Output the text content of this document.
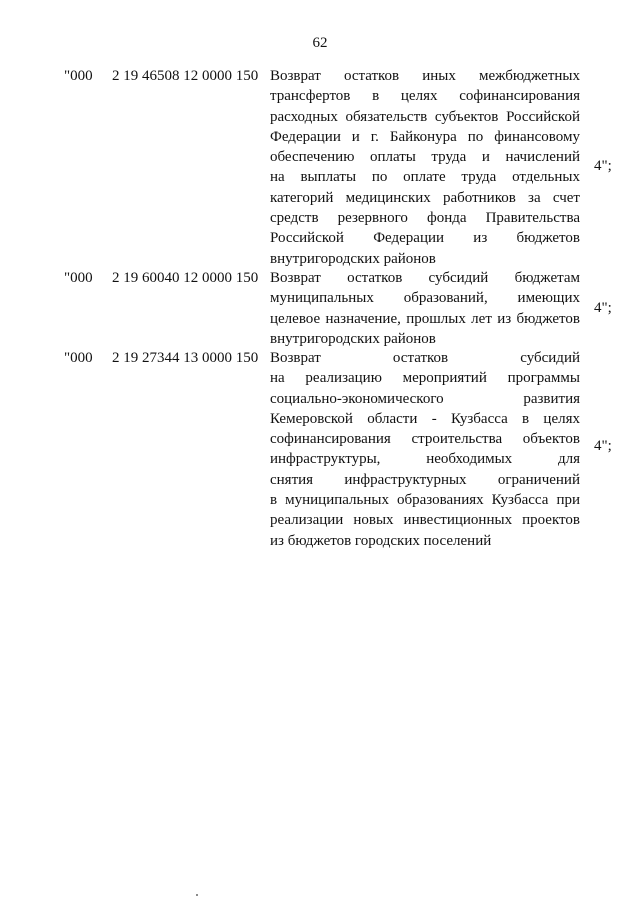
62
"000 2 19 46508 12 0000 150 Возврат остатков иных межбюджетных
трансфертов в целях софинансирования
расходных обязательств субъектов Российской
Федерации и г. Байконура по финансовому
обеспечению оплаты труда и начислений
на выплаты по оплате труда отдельных
категорий медицинских работников за счет
средств резервного фонда Правительства
Российской Федерации из бюджетов
внутригородских районов
4";
"000 2 19 60040 12 0000 150 Возврат остатков субсидий бюджетам
муниципальных образований, имеющих
целевое назначение, прошлых лет из бюджетов
внутригородских районов
4";
"000 2 19 27344 13 0000 150 Возврат остатков субсидий
на реализацию мероприятий программы
социально-экономического развития
Кемеровской области - Кузбасса в целях
софинансирования строительства объектов
инфраструктуры, необходимых для
снятия инфраструктурных ограничений
в муниципальных образованиях Кузбасса при
реализации новых инвестиционных проектов
из бюджетов городских поселений
4";
